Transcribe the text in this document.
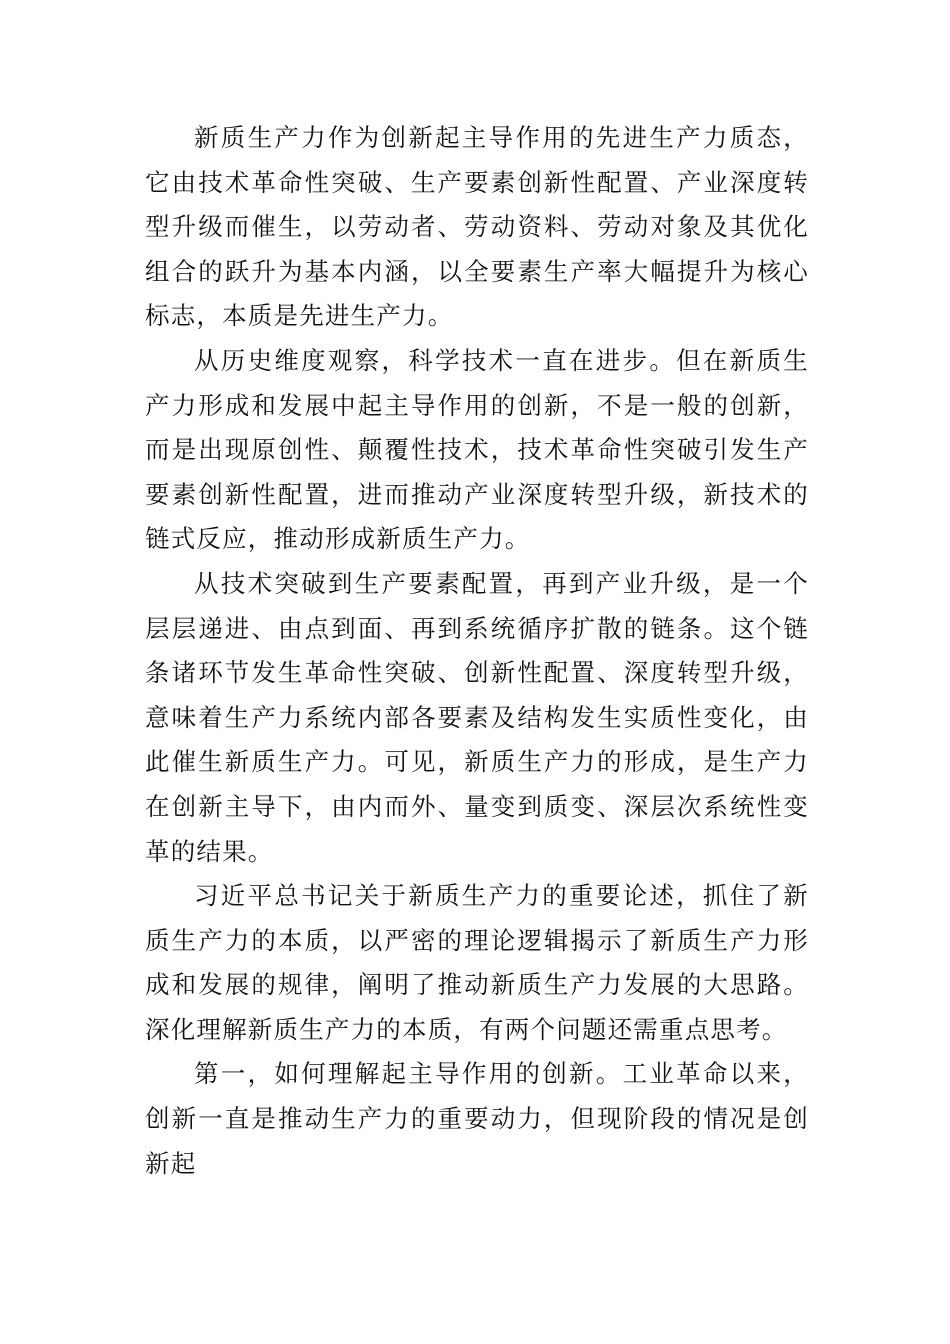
新质生产力作为创新起主导作用的先进生产力质态，它由技术革命性突破、生产要素创新性配置、产业深度转型升级而催生，以劳动者、劳动资料、劳动对象及其优化组合的跃升为基本内涵，以全要素生产率大幅提升为核心标志，本质是先进生产力。

从历史维度观察，科学技术一直在进步。但在新质生产力形成和发展中起主导作用的创新，不是一般的创新，而是出现原创性、颠覆性技术，技术革命性突破引发生产要素创新性配置，进而推动产业深度转型升级，新技术的链式反应，推动形成新质生产力。

从技术突破到生产要素配置，再到产业升级，是一个层层递进、由点到面、再到系统循序扩散的链条。这个链条诸环节发生革命性突破、创新性配置、深度转型升级，意味着生产力系统内部各要素及结构发生实质性变化，由此催生新质生产力。可见，新质生产力的形成，是生产力在创新主导下，由内而外、量变到质变、深层次系统性变革的结果。

习近平总书记关于新质生产力的重要论述，抓住了新质生产力的本质，以严密的理论逻辑揭示了新质生产力形成和发展的规律，阐明了推动新质生产力发展的大思路。深化理解新质生产力的本质，有两个问题还需重点思考。

第一，如何理解起主导作用的创新。工业革命以来，创新一直是推动生产力的重要动力，但现阶段的情况是创新起
